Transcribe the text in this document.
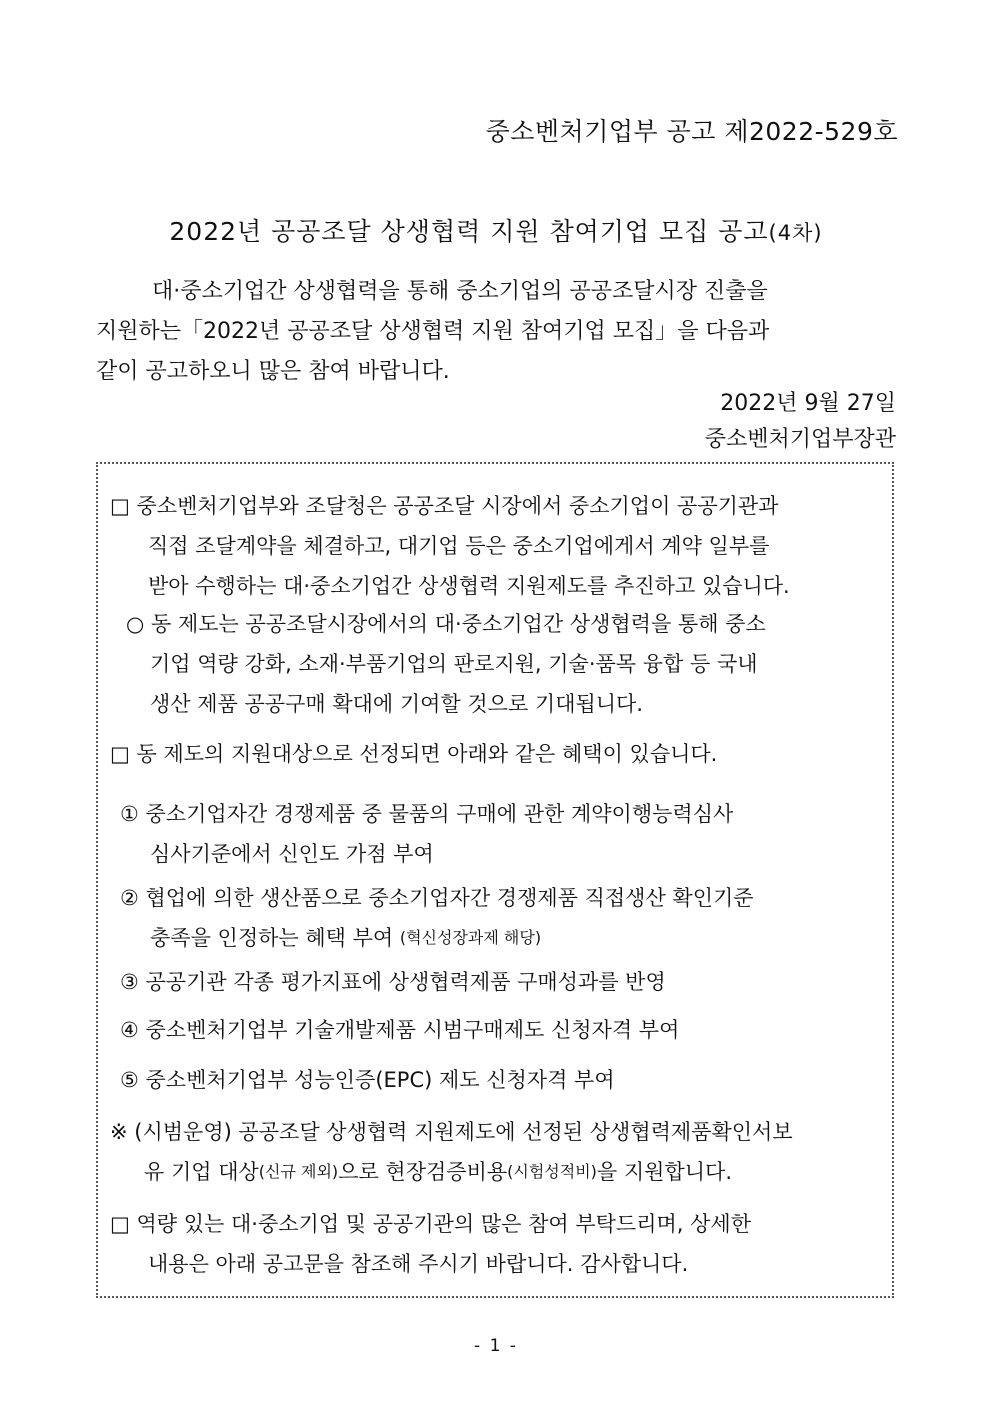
중소벤처기업부 공고 제2022-529호
2022년 공공조달 상생협력 지원 참여기업 모집 공고(4차)
대·중소기업간 상생협력을 통해 중소기업의 공공조달시장 진출을
지원하는「2022년 공공조달 상생협력 지원 참여기업 모집」을 다음과
같이 공고하오니 많은 참여 바랍니다.
2022년 9월 27일
중소벤처기업부장관
□ 중소벤처기업부와 조달청은 공공조달 시장에서 중소기업이 공공기관과
직접 조달계약을 체결하고, 대기업 등은 중소기업에게서 계약 일부를
받아 수행하는 대·중소기업간 상생협력 지원제도를 추진하고 있습니다.
○ 동 제도는 공공조달시장에서의 대·중소기업간 상생협력을 통해 중소
기업 역량 강화, 소재·부품기업의 판로지원, 기술·품목 융합 등 국내
생산 제품 공공구매 확대에 기여할 것으로 기대됩니다.
□ 동 제도의 지원대상으로 선정되면 아래와 같은 혜택이 있습니다.
① 중소기업자간 경쟁제품 중 물품의 구매에 관한 계약이행능력심사
심사기준에서 신인도 가점 부여
② 협업에 의한 생산품으로 중소기업자간 경쟁제품 직접생산 확인기준
충족을 인정하는 혜택 부여
(혁신성장과제 해당)
③ 공공기관 각종 평가지표에 상생협력제품 구매성과를 반영
④ 중소벤처기업부 기술개발제품 시범구매제도 신청자격 부여
⑤ 중소벤처기업부 성능인증(EPC) 제도 신청자격 부여
※ (시범운영) 공공조달 상생협력 지원제도에 선정된 상생협력제품확인서보
유 기업 대상 (신규 제외) 으로 현장검증비용 (시험성적비) 을 지원합니다.
□ 역량 있는 대·중소기업 및 공공기관의 많은 참여 부탁드리며, 상세한
내용은 아래 공고문을 참조해 주시기 바랍니다. 감사합니다.
- 1 -
